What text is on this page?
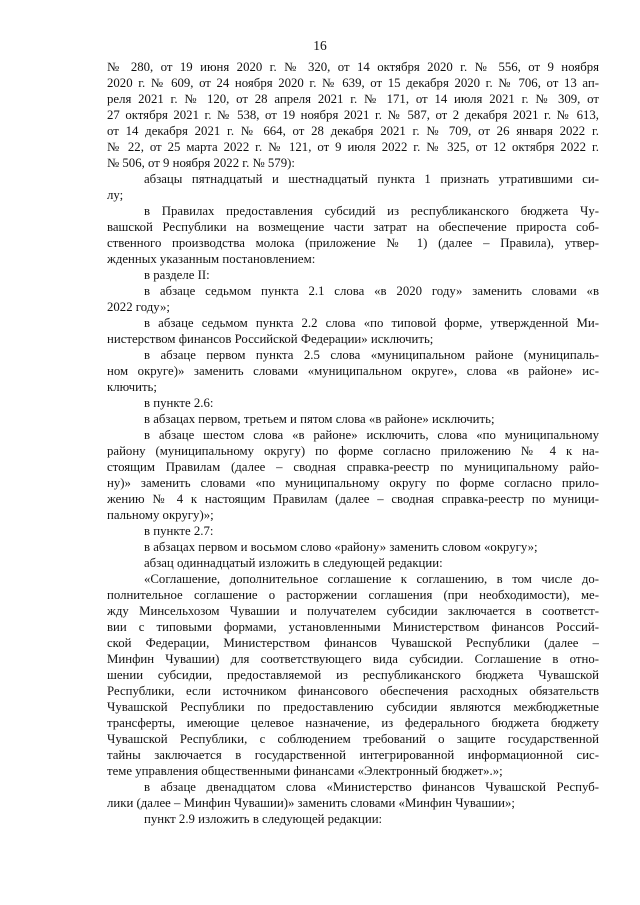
16
№ 280, от 19 июня 2020 г. № 320, от 14 октября 2020 г. № 556, от 9 ноября
2020 г. № 609, от 24 ноября 2020 г. № 639, от 15 декабря 2020 г. № 706, от 13 ап-
реля 2021 г. № 120, от 28 апреля 2021 г. № 171, от 14 июля 2021 г. № 309, от
27 октября 2021 г. № 538, от 19 ноября 2021 г. № 587, от 2 декабря 2021 г. № 613,
от 14 декабря 2021 г. № 664, от 28 декабря 2021 г. № 709, от 26 января 2022 г.
№ 22, от 25 марта 2022 г. № 121, от 9 июля 2022 г. № 325, от 12 октября 2022 г.
№ 506, от 9 ноября 2022 г. № 579):
абзацы пятнадцатый и шестнадцатый пункта 1 признать утратившими си-
лу;
в Правилах предоставления субсидий из республиканского бюджета Чу-
вашской Республики на возмещение части затрат на обеспечение прироста соб-
ственного производства молока (приложение № 1) (далее – Правила), утвер-
жденных указанным постановлением:
в разделе II:
в абзаце седьмом пункта 2.1 слова «в 2020 году» заменить словами «в
2022 году»;
в абзаце седьмом пункта 2.2 слова «по типовой форме, утвержденной Ми-
нистерством финансов Российской Федерации» исключить;
в абзаце первом пункта 2.5 слова «муниципальном районе (муниципаль-
ном округе)» заменить словами «муниципальном округе», слова «в районе» ис-
ключить;
в пункте 2.6:
в абзацах первом, третьем и пятом слова «в районе» исключить;
в абзаце шестом слова «в районе» исключить, слова «по муниципальному
району (муниципальному округу) по форме согласно приложению № 4 к на-
стоящим Правилам (далее – сводная справка-реестр по муниципальному райо-
ну)» заменить словами «по муниципальному округу по форме согласно прило-
жению № 4 к настоящим Правилам (далее – сводная справка-реестр по муници-
пальному округу)»;
в пункте 2.7:
в абзацах первом и восьмом слово «району» заменить словом «округу»;
абзац одиннадцатый изложить в следующей редакции:
«Соглашение, дополнительное соглашение к соглашению, в том числе до-
полнительное соглашение о расторжении соглашения (при необходимости), ме-
жду Минсельхозом Чувашии и получателем субсидии заключается в соответст-
вии с типовыми формами, установленными Министерством финансов Россий-
ской Федерации, Министерством финансов Чувашской Республики (далее –
Минфин Чувашии) для соответствующего вида субсидии. Соглашение в отно-
шении субсидии, предоставляемой из республиканского бюджета Чувашской
Республики, если источником финансового обеспечения расходных обязательств
Чувашской Республики по предоставлению субсидии являются межбюджетные
трансферты, имеющие целевое назначение, из федерального бюджета бюджету
Чувашской Республики, с соблюдением требований о защите государственной
тайны заключается в государственной интегрированной информационной сис-
теме управления общественными финансами «Электронный бюджет».»;
в абзаце двенадцатом слова «Министерство финансов Чувашской Респуб-
лики (далее – Минфин Чувашии)» заменить словами «Минфин Чувашии»;
пункт 2.9 изложить в следующей редакции:
